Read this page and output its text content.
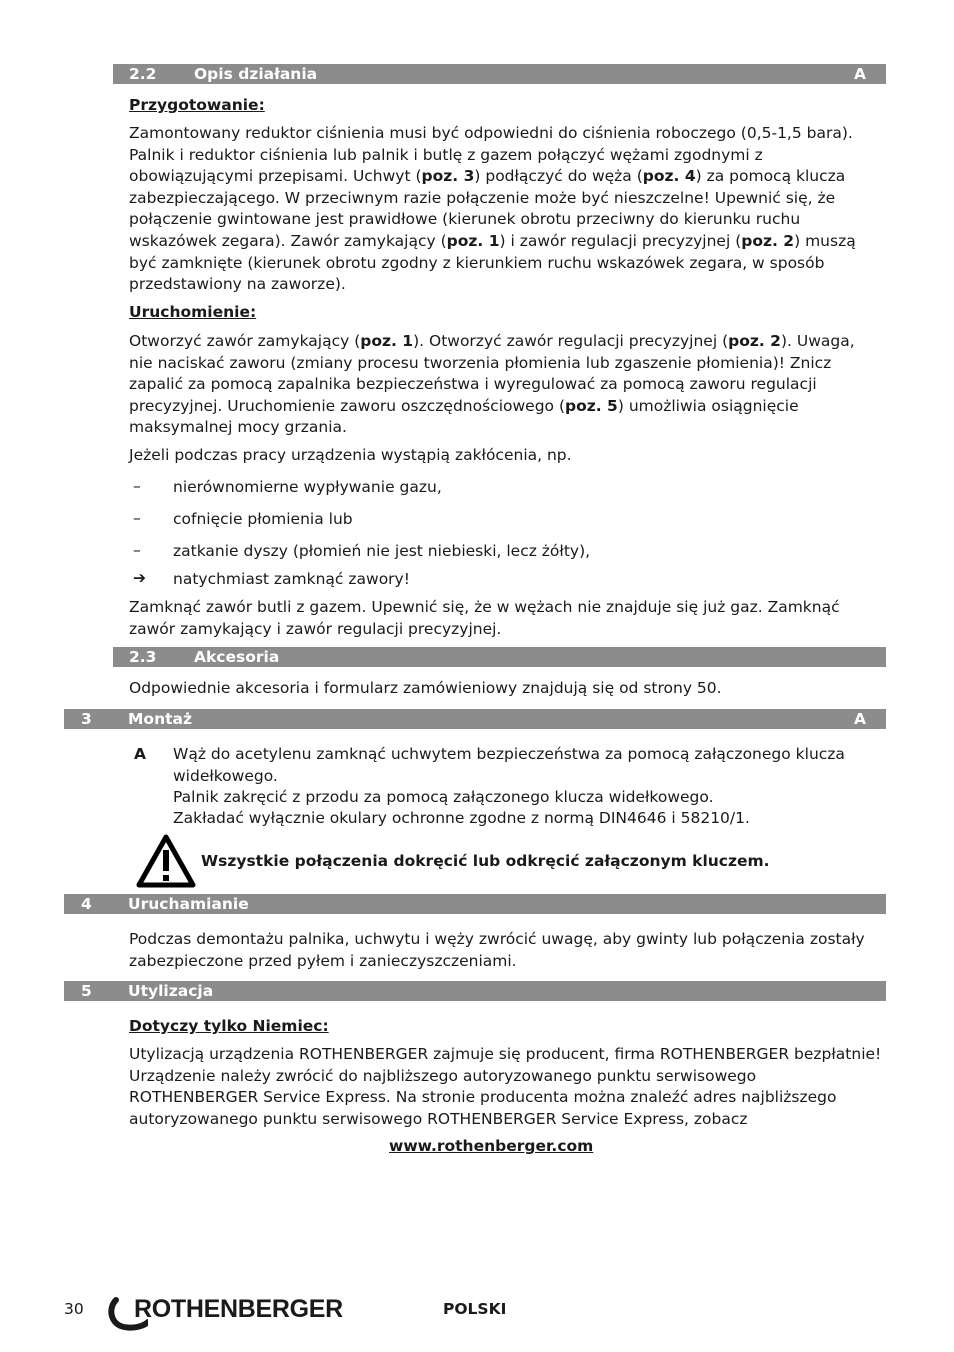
2.2 Opis działania	A
Przygotowanie:
Zamontowany reduktor ciśnienia musi być odpowiedni do ciśnienia roboczego (0,5-1,5 bara). Palnik i reduktor ciśnienia lub palnik i butlę z gazem połączyć wężami zgodnymi z obowiązującymi przepisami. Uchwyt (poz. 3) podłączyć do węża (poz. 4) za pomocą klucza zabezpieczającego. W przeciwnym razie połączenie może być nieszczelne! Upewnić się, że połączenie gwintowane jest prawidłowe (kierunek obrotu przeciwny do kierunku ruchu wskazówek zegara). Zawór zamykający (poz. 1) i zawór regulacji precyzyjnej (poz. 2) muszą być zamknięte (kierunek obrotu zgodny z kierunkiem ruchu wskazówek zegara, w sposób przedstawiony na zaworze).
Uruchomienie:
Otworzyć zawór zamykający (poz. 1). Otworzyć zawór regulacji precyzyjnej (poz. 2). Uwaga, nie naciskać zaworu (zmiany procesu tworzenia płomienia lub zgaszenie płomienia)! Znicz zapalić za pomocą zapalnika bezpieczeństwa i wyregulować za pomocą zaworu regulacji precyzyjnej. Uruchomienie zaworu oszczędnościowego (poz. 5) umożliwia osiągnięcie maksymalnej mocy grzania.
Jeżeli podczas pracy urządzenia wystąpią zakłócenia, np.
– nierównomierne wypływanie gazu,
– cofnięcie płomienia lub
– zatkanie dyszy (płomień nie jest niebieski, lecz żółty),
➔ natychmiast zamknąć zawory!
Zamknąć zawór butli z gazem. Upewnić się, że w wężach nie znajduje się już gaz. Zamknąć zawór zamykający i zawór regulacji precyzyjnej.
2.3 Akcesoria
Odpowiednie akcesoria i formularz zamówieniowy znajdują się od strony 50.
3 Montaż	A
A Wąż do acetylenu zamknąć uchwytem bezpieczeństwa za pomocą załączonego klucza widełkowego.
Palnik zakręcić z przodu za pomocą załączonego klucza widełkowego.
Zakładać wyłącznie okulary ochronne zgodne z normą DIN4646 i 58210/1.
Wszystkie połączenia dokręcić lub odkręcić załączonym kluczem.
4 Uruchamianie
Podczas demontażu palnika, uchwytu i węży zwrócić uwagę, aby gwinty lub połączenia zostały zabezpieczone przed pyłem i zanieczyszczeniami.
5 Utylizacja
Dotyczy tylko Niemiec:
Utylizacją urządzenia ROTHENBERGER zajmuje się producent, firma ROTHENBERGER bezpłatnie! Urządzenie należy zwrócić do najbliższego autoryzowanego punktu serwisowego ROTHENBERGER Service Express. Na stronie producenta można znaleźć adres najbliższego autoryzowanego punktu serwisowego ROTHENBERGER Service Express, zobacz
www.rothenberger.com
30 ROTHENBERGER	POLSKI
